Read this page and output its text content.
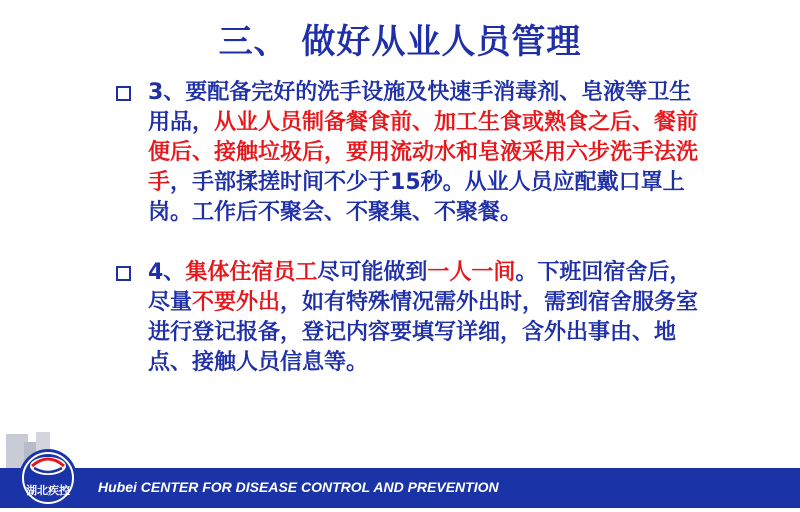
三、 做好从业人员管理
3、要配备完好的洗手设施及快速手消毒剂、皂液等卫生用品，从业人员制备餐食前、加工生食或熟食之后、餐前便后、接触垃圾后，要用流动水和皂液采用六步洗手法洗手，手部揉搓时间不少于15秒。从业人员应配戴口罩上岗。工作后不聚会、不聚集、不聚餐。
4、集体住宿员工尽可能做到一人一间。下班回宿舍后，尽量不要外出，如有特殊情况需外出时，需到宿舍服务室进行登记报备，登记内容要填写详细，含外出事由、地点、接触人员信息等。
Hubei CENTER FOR DISEASE CONTROL AND PREVENTION
湖北疾控
